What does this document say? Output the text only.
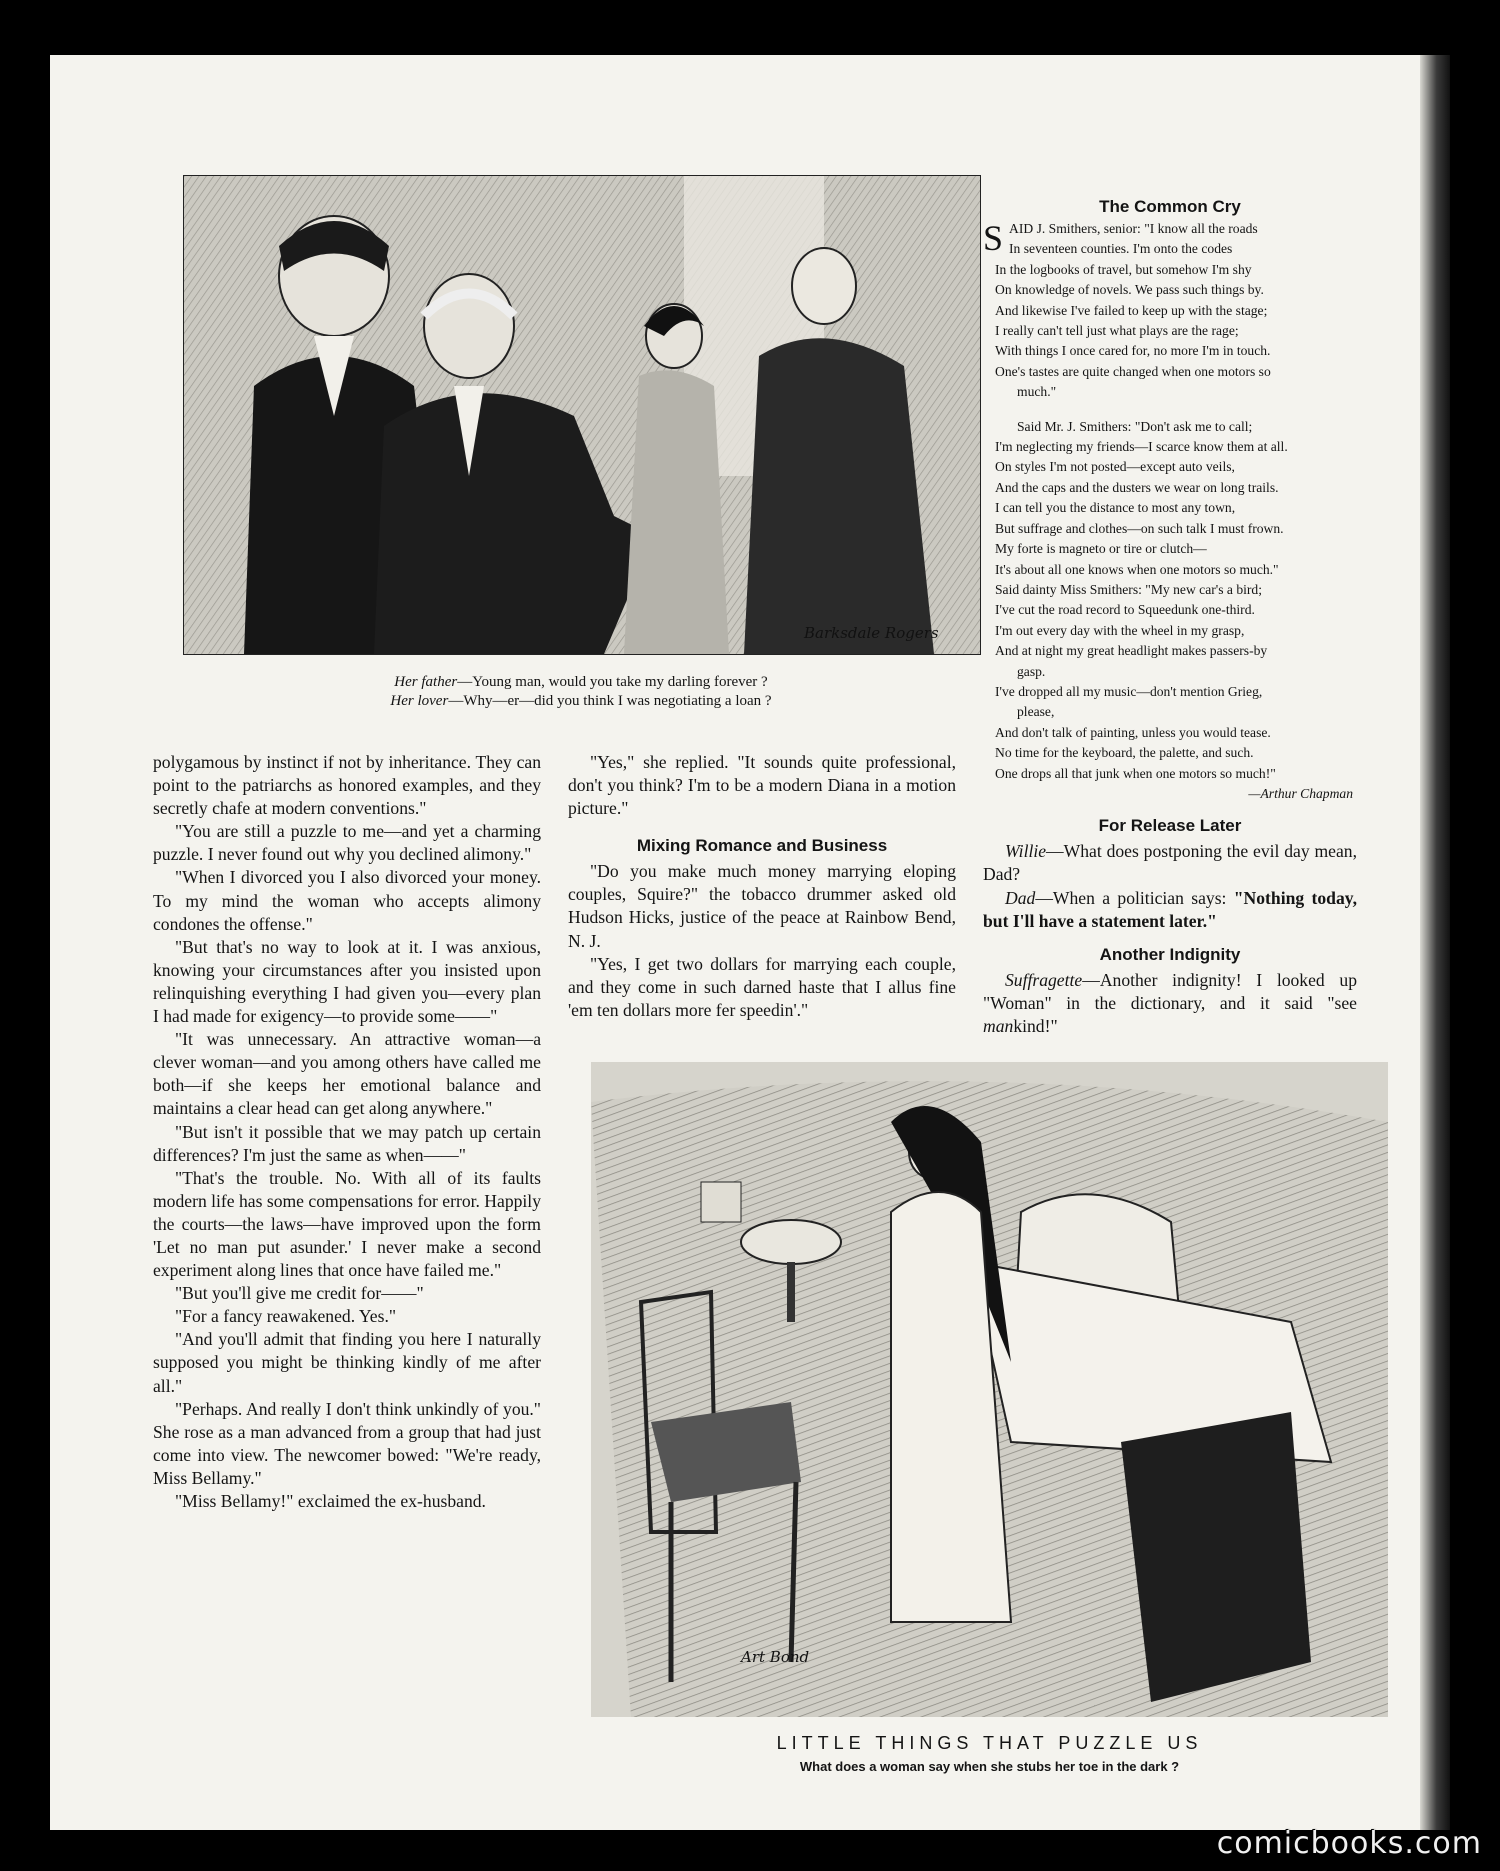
Barksdale Rogers
Her father—Young man, would you take my darling forever ?
Her lover—Why—er—did you think I was negotiating a loan ?

polygamous by instinct if not by inheritance. They can point to the patriarchs as honored examples, and they secretly chafe at modern conventions."

"You are still a puzzle to me—and yet a charming puzzle. I never found out why you declined alimony."

"When I divorced you I also divorced your money. To my mind the woman who accepts alimony condones the offense."

"But that's no way to look at it. I was anxious, knowing your circumstances after you insisted upon relinquishing everything I had given you—every plan I had made for exigency—to provide some——"

"It was unnecessary. An attractive woman—a clever woman—and you among others have called me both—if she keeps her emotional balance and maintains a clear head can get along anywhere."

"But isn't it possible that we may patch up certain differences? I'm just the same as when——"

"That's the trouble. No. With all of its faults modern life has some compensations for error. Happily the courts—the laws—have improved upon the form 'Let no man put asunder.' I never make a second experiment along lines that once have failed me."

"But you'll give me credit for——"

"For a fancy reawakened. Yes."

"And you'll admit that finding you here I naturally supposed you might be thinking kindly of me after all."

"Perhaps. And really I don't think unkindly of you." She rose as a man advanced from a group that had just come into view. The newcomer bowed: "We're ready, Miss Bellamy."

"Miss Bellamy!" exclaimed the ex-husband.

"Yes," she replied. "It sounds quite professional, don't you think? I'm to be a modern Diana in a motion picture."

Mixing Romance and Business

"Do you make much money marrying eloping couples, Squire?" the tobacco drummer asked old Hudson Hicks, justice of the peace at Rainbow Bend, N. J.

"Yes, I get two dollars for marrying each couple, and they come in such darned haste that I allus fine 'em ten dollars more fer speedin'."

The Common Cry
S AID J. Smithers, senior: "I know all the roads

In seventeen counties. I'm onto the codes

In the logbooks of travel, but somehow I'm shy

On knowledge of novels. We pass such things by.

And likewise I've failed to keep up with the stage;

I really can't tell just what plays are the rage;

With things I once cared for, no more I'm in touch.

One's tastes are quite changed when one motors so

much."

Said Mr. J. Smithers: "Don't ask me to call;

I'm neglecting my friends—I scarce know them at all.

On styles I'm not posted—except auto veils,

And the caps and the dusters we wear on long trails.

I can tell you the distance to most any town,

But suffrage and clothes—on such talk I must frown.

My forte is magneto or tire or clutch—

It's about all one knows when one motors so much."

Said dainty Miss Smithers: "My new car's a bird;

I've cut the road record to Squeedunk one-third.

I'm out every day with the wheel in my grasp,

And at night my great headlight makes passers-by

gasp.

I've dropped all my music—don't mention Grieg,

please,

And don't talk of painting, unless you would tease.

No time for the keyboard, the palette, and such.

One drops all that junk when one motors so much!"

—Arthur Chapman
For Release Later

Willie—What does postponing the evil day mean, Dad?

Dad—When a politician says: "Nothing today, but I'll have a statement later."

Another Indignity

Suffragette—Another indignity! I looked up "Woman" in the dictionary, and it said "see mankind!"

Art Bond
LITTLE THINGS THAT PUZZLE US
What does a woman say when she stubs her toe in the dark ?
comicbooks.com
